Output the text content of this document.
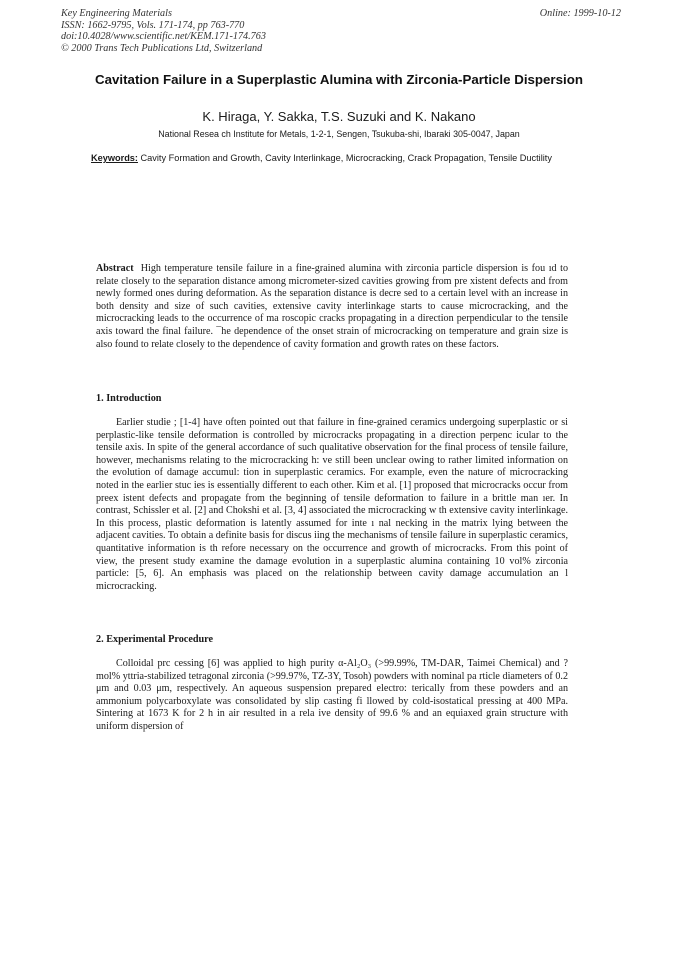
Key Engineering Materials
ISSN: 1662-9795, Vols. 171-174, pp 763-770
doi:10.4028/www.scientific.net/KEM.171-174.763
© 2000 Trans Tech Publications Ltd, Switzerland
Online: 1999-10-12
Cavitation Failure in a Superplastic Alumina with Zirconia-Particle Dispersion
K. Hiraga, Y. Sakka, T.S. Suzuki and K. Nakano
National Resea ch Institute for Metals, 1-2-1, Sengen, Tsukuba-shi, Ibaraki 305-0047, Japan
Keywords: Cavity Formation and Growth, Cavity Interlinkage, Microcracking, Crack Propagation, Tensile Ductility
Abstract High temperature tensile failure in a fine-grained alumina with zirconia particle dispersion is fou ıd to relate closely to the separation distance among micrometer-sized cavities growing from pre xistent defects and from newly formed ones during deformation. As the separation distance is decre sed to a certain level with an increase in both density and size of such cavities, extensive cavity interlinkage starts to cause microcracking, and the microcracking leads to the occurrence of ma roscopic cracks propagating in a direction perpendicular to the tensile axis toward the final failure. ¯he dependence of the onset strain of microcracking on temperature and grain size is also found to relate closely to the dependence of cavity formation and growth rates on these factors.
1. Introduction
Earlier studie ; [1-4] have often pointed out that failure in fine-grained ceramics undergoing superplastic or si perplastic-like tensile deformation is controlled by microcracks propagating in a direction perpenc icular to the tensile axis. In spite of the general accordance of such qualitative observation for the final process of tensile failure, however, mechanisms relating to the microcracking h: ve still been unclear owing to rather limited information on the evolution of damage accumul: tion in superplastic ceramics. For example, even the nature of microcracking noted in the earlier stuc ies is essentially different to each other. Kim et al. [1] proposed that microcracks occur from preex istent defects and propagate from the beginning of tensile deformation to failure in a brittle man ıer. In contrast, Schissler et al. [2] and Chokshi et al. [3, 4] associated the microcracking w th extensive cavity interlinkage. In this process, plastic deformation is latently assumed for inte ı nal necking in the matrix lying between the adjacent cavities. To obtain a definite basis for discus iing the mechanisms of tensile failure in superplastic ceramics, quantitative information is th refore necessary on the occurrence and growth of microcracks. From this point of view, the present study examine the damage evolution in a superplastic alumina containing 10 vol% zirconia particle: [5, 6]. An emphasis was placed on the relationship between cavity damage accumulation an l microcracking.
2. Experimental Procedure
Colloidal prc cessing [6] was applied to high purity α-Al₂O₃ (>99.99%, TM-DAR, Taimei Chemical) and ? mol% yttria-stabilized tetragonal zirconia (>99.97%, TZ-3Y, Tosoh) powders with nominal pa rticle diameters of 0.2 μm and 0.03 μm, respectively. An aqueous suspension prepared electro: terically from these powders and an ammonium polycarboxylate was consolidated by slip casting fi llowed by cold-isostatical pressing at 400 MPa. Sintering at 1673 K for 2 h in air resulted in a rela ive density of 99.6 % and an equiaxed grain structure with uniform dispersion of
